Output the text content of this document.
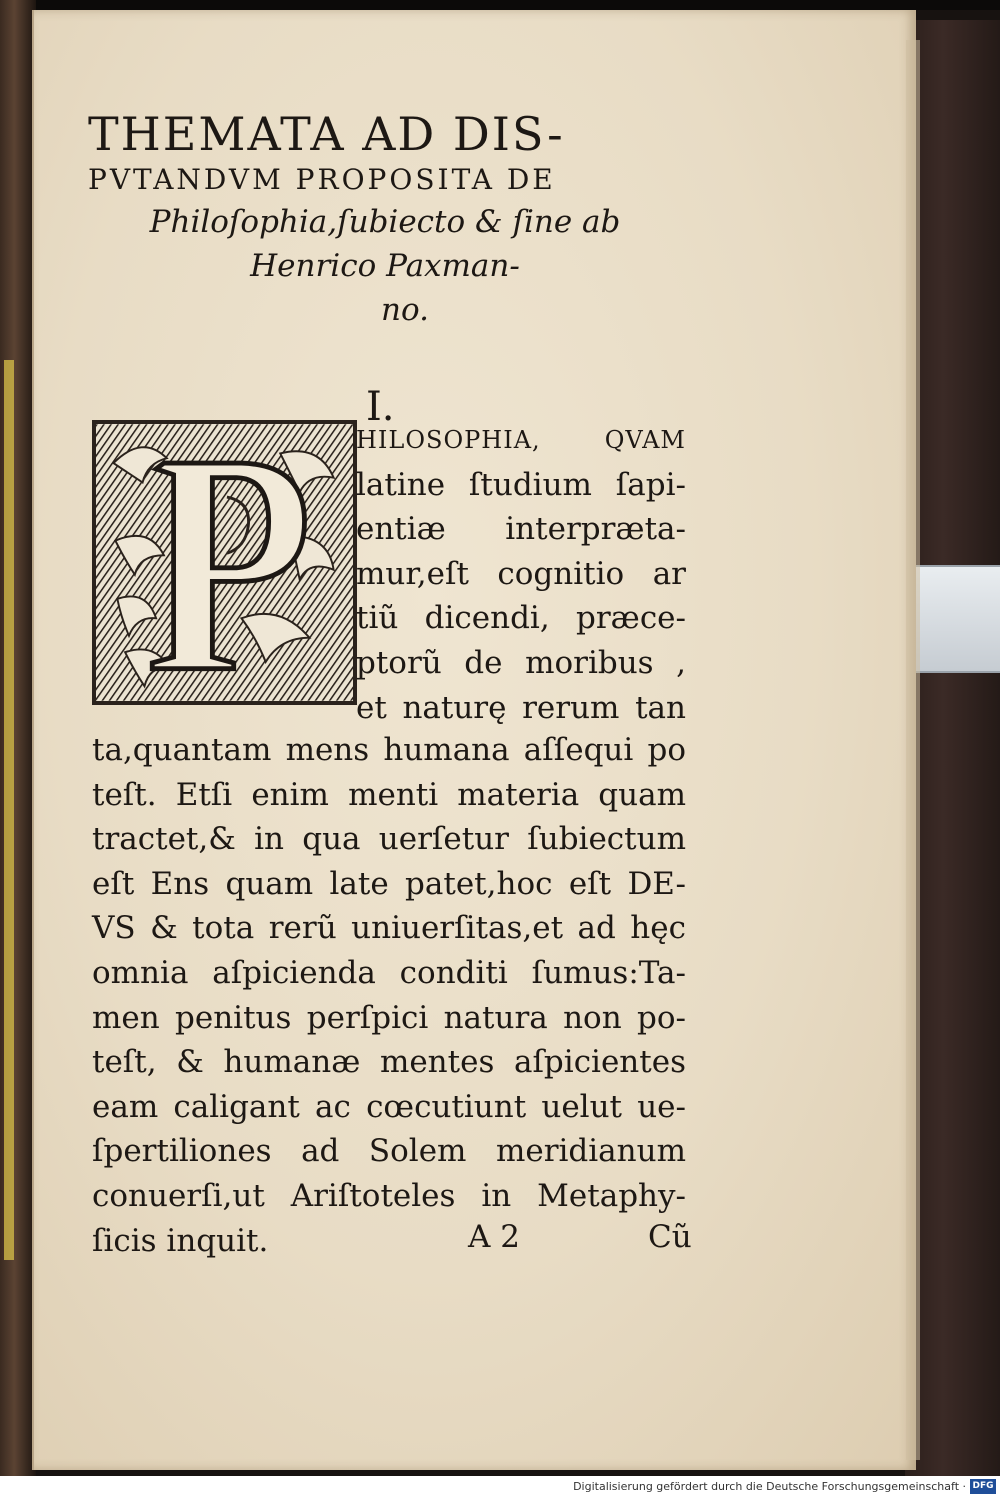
THEMATA AD DIS-
PVTANDVM PROPOSITA DE
Philoſophia,ſubiecto & ſine ab
Henrico Paxman-
no.
I.
HILOSOPHIA, QVAM
latine ſtudium ſapi-
entiæ interpræta-
mur,eſt cognitio ar
tiũ dicendi, præce-
ptorũ de moribus ,
et naturę rerum tan
ta,quantam mens humana aſſequi po
teſt. Etſi enim menti materia quam
tractet,& in qua uerſetur ſubiectum
eſt Ens quam late patet,hoc eſt DE-
VS & tota rerũ uniuerſitas,et ad hęc
omnia aſpicienda conditi ſumus:Ta-
men penitus perſpici natura non po-
teſt, & humanæ mentes aſpicientes
eam caligant ac cœcutiunt uelut ue-
ſpertiliones ad Solem meridianum
conuerſi,ut Ariſtoteles in Metaphy-
ſicis inquit.	A 2	Cũ
Digitalisierung gefördert durch die Deutsche Forschungsgemeinschaft · DFG
